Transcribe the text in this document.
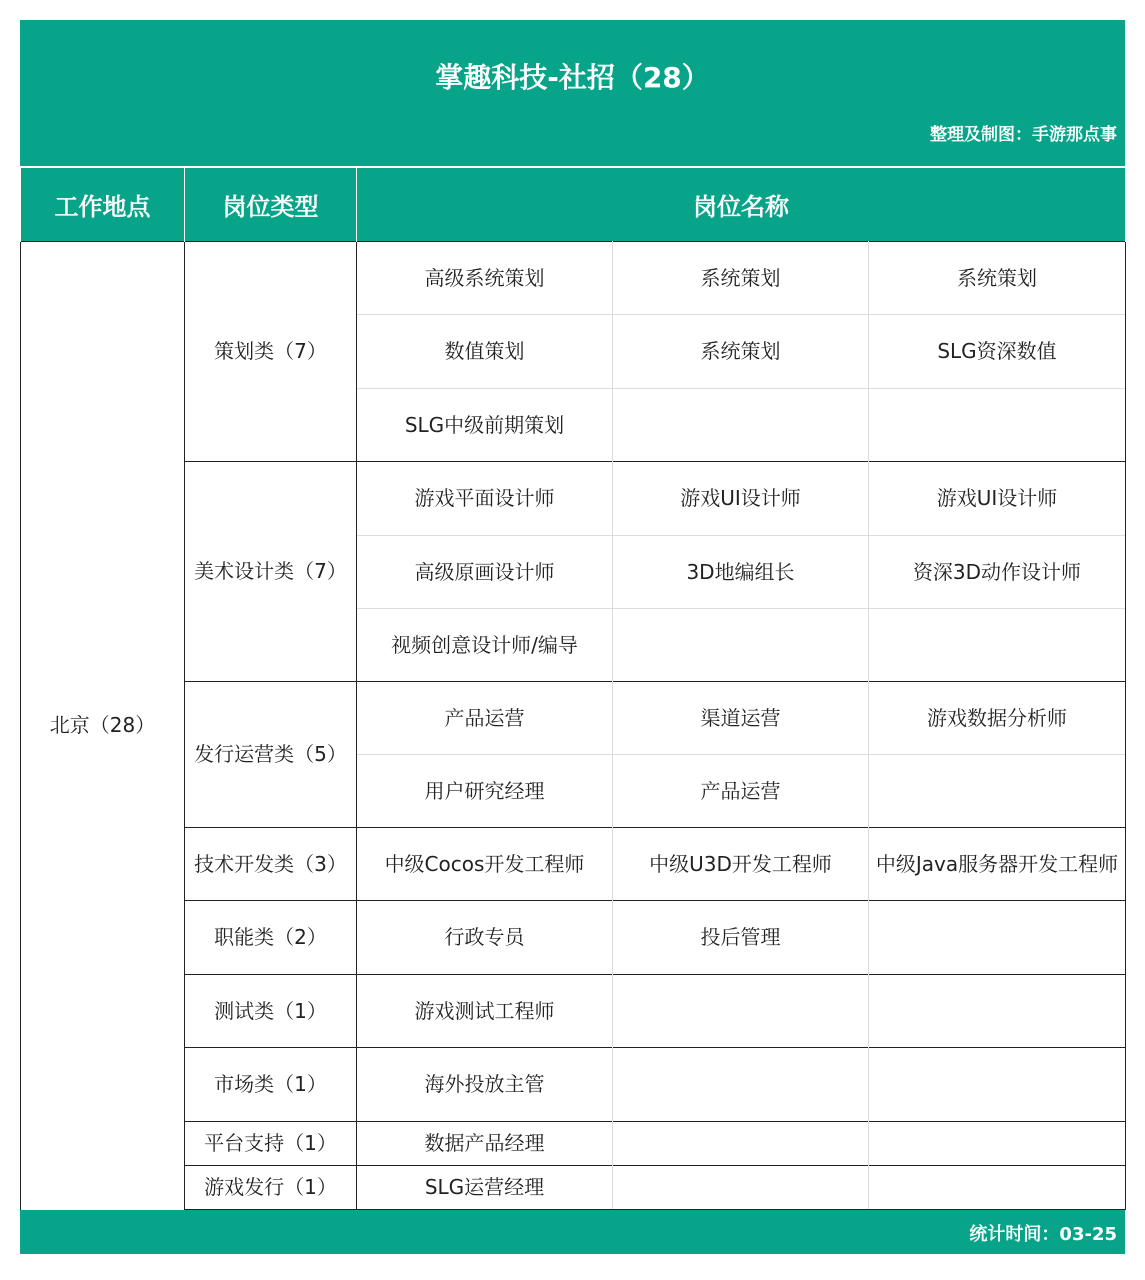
掌趣科技-社招（28）
整理及制图：手游那点事
工作地点	岗位类型	岗位名称		
北京（28）	策划类（7）	高级系统策划	系统策划	系统策划
		数值策划	系统策划	SLG资深数值
		SLG中级前期策划		
	美术设计类（7）	游戏平面设计师	游戏UI设计师	游戏UI设计师
		高级原画设计师	3D地编组长	资深3D动作设计师
		视频创意设计师/编导		
	发行运营类（5）	产品运营	渠道运营	游戏数据分析师
		用户研究经理	产品运营	
	技术开发类（3）	中级Cocos开发工程师	中级U3D开发工程师	中级Java服务器开发工程师
	职能类（2）	行政专员	投后管理	
	测试类（1）	游戏测试工程师		
	市场类（1）	海外投放主管		
	平台支持（1）	数据产品经理		
	游戏发行（1）	SLG运营经理		
统计时间：03-25
